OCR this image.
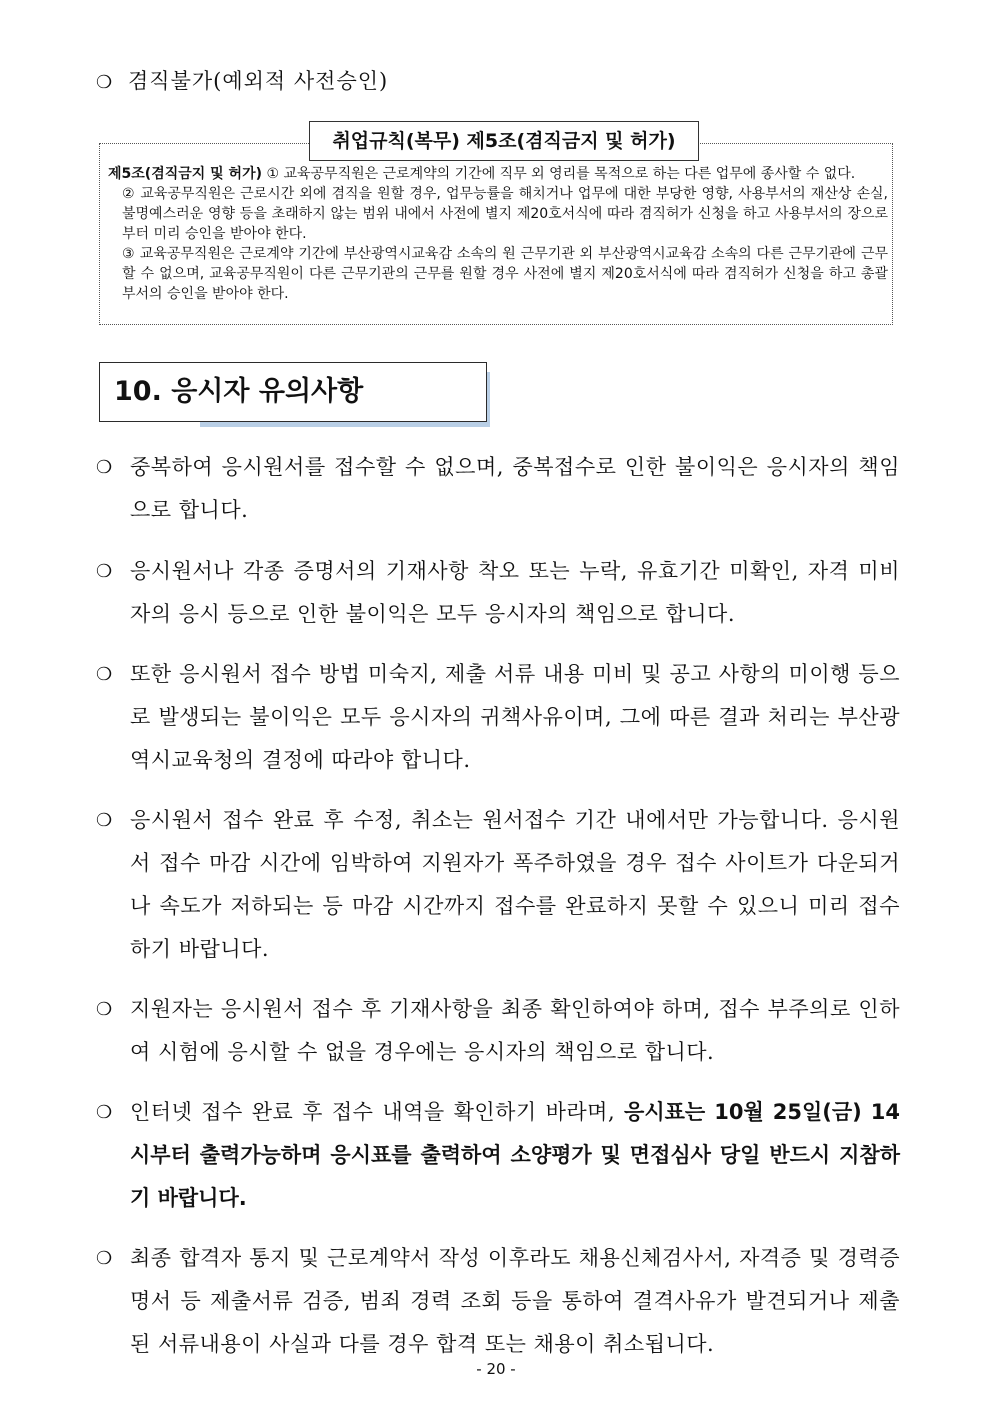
❍ 겸직불가(예외적 사전승인)
취업규칙(복무) 제5조(겸직금지 및 허가)

제5조(겸직금지 및 허가) ① 교육공무직원은 근로계약의 기간에 직무 외 영리를 목적으로 하는 다른 업무에 종사할 수 없다.

② 교육공무직원은 근로시간 외에 겸직을 원할 경우, 업무능률을 해치거나 업무에 대한 부당한 영향, 사용부서의 재산상 손실, 불명예스러운 영향 등을 초래하지 않는 범위 내에서 사전에 별지 제20호서식에 따라 겸직허가 신청을 하고 사용부서의 장으로부터 미리 승인을 받아야 한다.

③ 교육공무직원은 근로계약 기간에 부산광역시교육감 소속의 원 근무기관 외 부산광역시교육감 소속의 다른 근무기관에 근무할 수 없으며, 교육공무직원이 다른 근무기관의 근무를 원할 경우 사전에 별지 제20호서식에 따라 겸직허가 신청을 하고 총괄부서의 승인을 받아야 한다.

10. 응시자 유의사항
❍ 중복하여 응시원서를 접수할 수 없으며, 중복접수로 인한 불이익은 응시자의 책임으로 합니다.
❍ 응시원서나 각종 증명서의 기재사항 착오 또는 누락, 유효기간 미확인, 자격 미비자의 응시 등으로 인한 불이익은 모두 응시자의 책임으로 합니다.
❍ 또한 응시원서 접수 방법 미숙지, 제출 서류 내용 미비 및 공고 사항의 미이행 등으로 발생되는 불이익은 모두 응시자의 귀책사유이며, 그에 따른 결과 처리는 부산광역시교육청의 결정에 따라야 합니다.
❍ 응시원서 접수 완료 후 수정, 취소는 원서접수 기간 내에서만 가능합니다. 응시원서 접수 마감 시간에 임박하여 지원자가 폭주하였을 경우 접수 사이트가 다운되거나 속도가 저하되는 등 마감 시간까지 접수를 완료하지 못할 수 있으니 미리 접수하기 바랍니다.
❍ 지원자는 응시원서 접수 후 기재사항을 최종 확인하여야 하며, 접수 부주의로 인하여 시험에 응시할 수 없을 경우에는 응시자의 책임으로 합니다.
❍ 인터넷 접수 완료 후 접수 내역을 확인하기 바라며, 응시표는 10월 25일(금) 14시부터 출력가능하며 응시표를 출력하여 소양평가 및 면접심사 당일 반드시 지참하기 바랍니다.
❍ 최종 합격자 통지 및 근로계약서 작성 이후라도 채용신체검사서, 자격증 및 경력증명서 등 제출서류 검증, 범죄 경력 조회 등을 통하여 결격사유가 발견되거나 제출된 서류내용이 사실과 다를 경우 합격 또는 채용이 취소됩니다.
- 20 -
